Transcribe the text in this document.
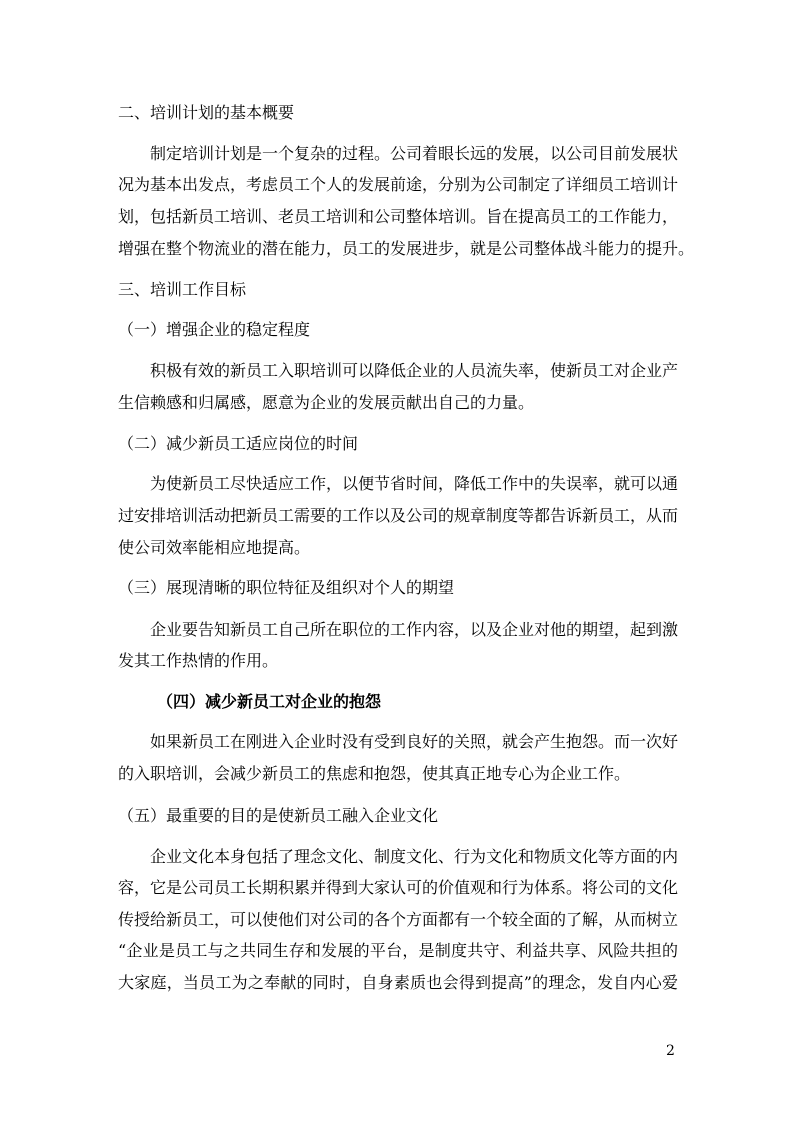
二、培训计划的基本概要
制定培训计划是一个复杂的过程。公司着眼长远的发展，以公司目前发展状
况为基本出发点，考虑员工个人的发展前途，分别为公司制定了详细员工培训计
划，包括新员工培训、老员工培训和公司整体培训。旨在提高员工的工作能力，
增强在整个物流业的潜在能力，员工的发展进步，就是公司整体战斗能力的提升。
三、培训工作目标
（一）增强企业的稳定程度
积极有效的新员工入职培训可以降低企业的人员流失率，使新员工对企业产
生信赖感和归属感，愿意为企业的发展贡献出自己的力量。
（二）减少新员工适应岗位的时间
为使新员工尽快适应工作，以便节省时间，降低工作中的失误率，就可以通
过安排培训活动把新员工需要的工作以及公司的规章制度等都告诉新员工，从而
使公司效率能相应地提高。
（三）展现清晰的职位特征及组织对个人的期望
企业要告知新员工自己所在职位的工作内容，以及企业对他的期望，起到激
发其工作热情的作用。
（四）减少新员工对企业的抱怨
如果新员工在刚进入企业时没有受到良好的关照，就会产生抱怨。而一次好
的入职培训，会减少新员工的焦虑和抱怨，使其真正地专心为企业工作。
（五）最重要的目的是使新员工融入企业文化
企业文化本身包括了理念文化、制度文化、行为文化和物质文化等方面的内
容，它是公司员工长期积累并得到大家认可的价值观和行为体系。将公司的文化
传授给新员工，可以使他们对公司的各个方面都有一个较全面的了解，从而树立
“企业是员工与之共同生存和发展的平台，是制度共守、利益共享、风险共担的
大家庭，当员工为之奉献的同时，自身素质也会得到提高”的理念，发自内心爱
2
